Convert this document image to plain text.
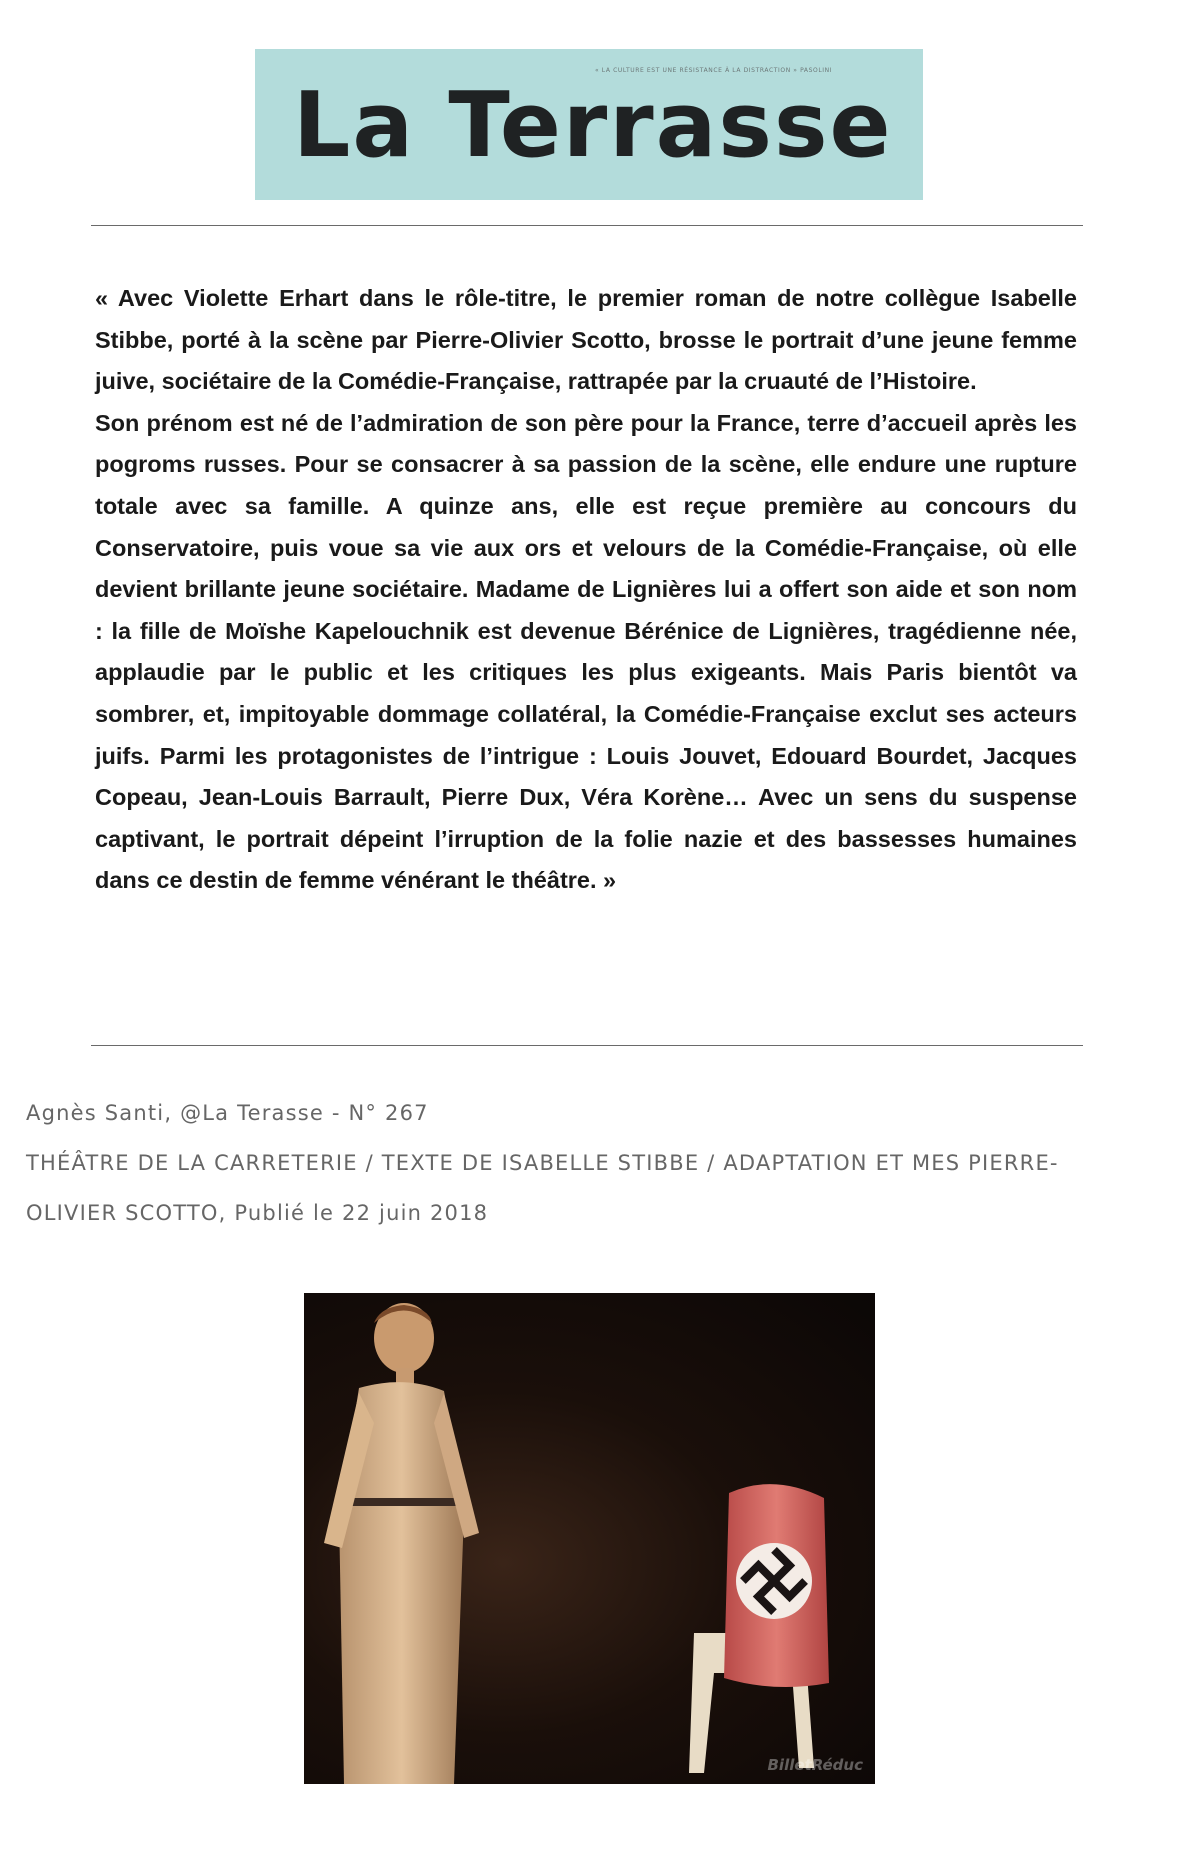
« LA CULTURE EST UNE RÉSISTANCE À LA DISTRACTION » PASOLINI
La Terrasse

« Avec Violette Erhart dans le rôle-titre, le premier roman de notre collègue Isabelle Stibbe, porté à la scène par Pierre-Olivier Scotto, brosse le portrait d’une jeune femme juive, sociétaire de la Comédie-Française, rattrapée par la cruauté de l’Histoire.

Son prénom est né de l’admiration de son père pour la France, terre d’accueil après les pogroms russes. Pour se consacrer à sa passion de la scène, elle endure une rupture totale avec sa famille. A quinze ans, elle est reçue première au concours du Conservatoire, puis voue sa vie aux ors et velours de la Comédie-Française, où elle devient brillante jeune sociétaire. Madame de Lignières lui a offert son aide et son nom : la fille de Moïshe Kapelouchnik est devenue Bérénice de Lignières, tragédienne née, applaudie par le public et les critiques les plus exigeants. Mais Paris bientôt va sombrer, et, impitoyable dommage collatéral, la Comédie-Française exclut ses acteurs juifs. Parmi les protagonistes de l’intrigue : Louis Jouvet, Edouard Bourdet, Jacques Copeau, Jean-Louis Barrault, Pierre Dux, Véra Korène… Avec un sens du suspense captivant, le portrait dépeint l’irruption de la folie nazie et des bassesses humaines dans ce destin de femme vénérant le théâtre. »

Agnès Santi, @La Terasse - N° 267
THÉÂTRE DE LA CARRETERIE / TEXTE DE ISABELLE STIBBE / ADAPTATION ET MES PIERRE-
OLIVIER SCOTTO, Publié le 22 juin 2018
BilletRéduc
